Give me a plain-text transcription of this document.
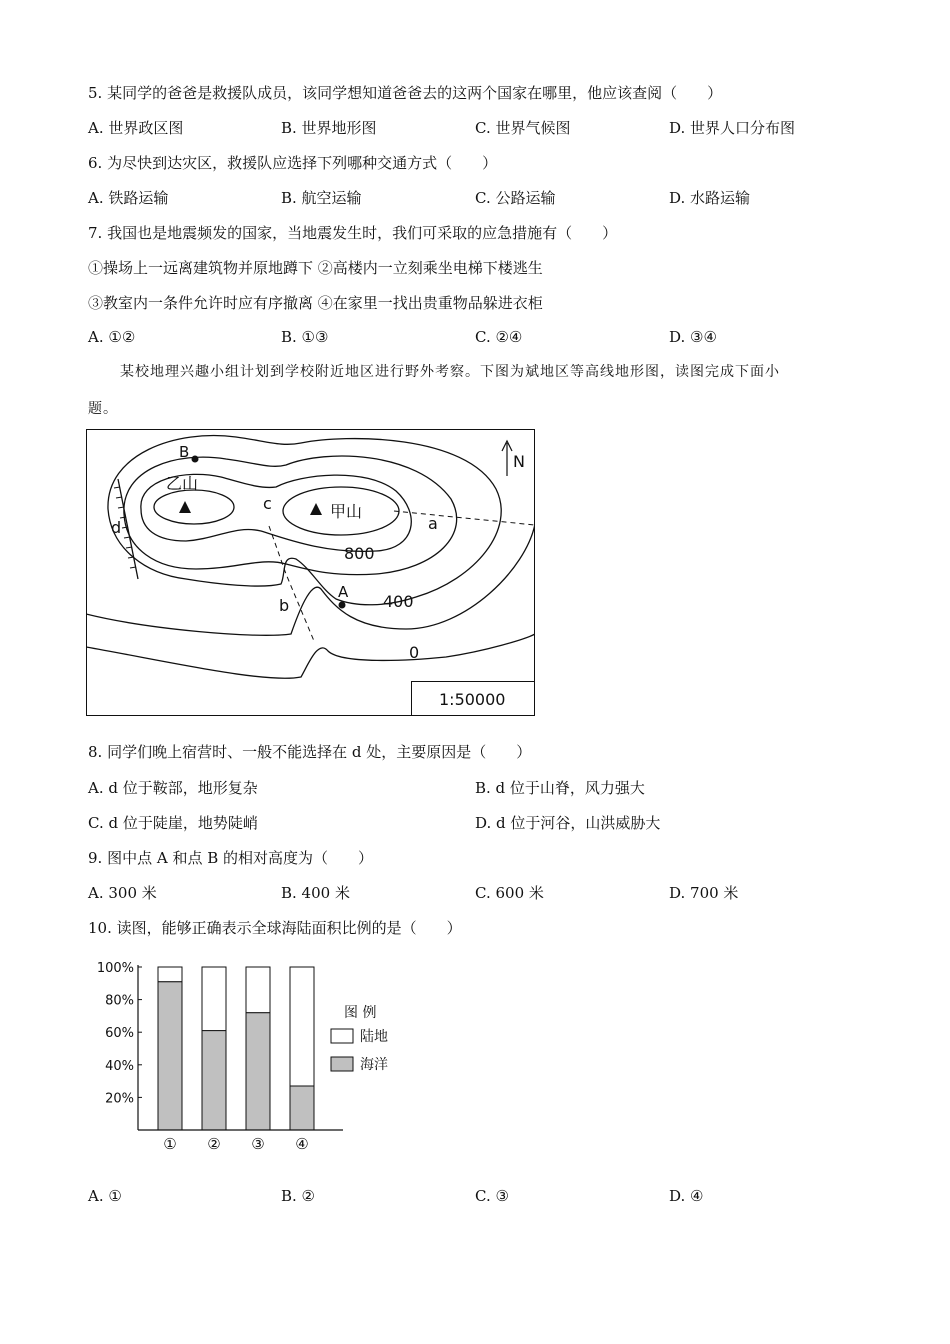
5. 某同学的爸爸是救援队成员，该同学想知道爸爸去的这两个国家在哪里，他应该查阅（　　）
A. 世界政区图	B. 世界地形图	C. 世界气候图	D. 世界人口分布图
6. 为尽快到达灾区，救援队应选择下列哪种交通方式（　　）
A. 铁路运输	B. 航空运输	C. 公路运输	D. 水路运输
7. 我国也是地震频发的国家，当地震发生时，我们可采取的应急措施有（　　）
①操场上一远离建筑物并原地蹲下 ②高楼内一立刻乘坐电梯下楼逃生
③教室内一条件允许时应有序撤离 ④在家里一找出贵重物品躲进衣柜
A. ①②	B. ①③	C. ②④	D. ③④
某校地理兴趣小组计划到学校附近地区进行野外考察。下图为斌地区等高线地形图，读图完成下面小
题。
甲山
乙山
N
B
A
a
b
c
d
800
400
0
1:50000
8. 同学们晚上宿营时、一般不能选择在 d 处，主要原因是（　　）
A. d 位于鞍部，地形复杂	B. d 位于山脊，风力强大
C. d 位于陡崖，地势陡峭	D. d 位于河谷，山洪威胁大
9. 图中点 A 和点 B 的相对高度为（　　）
A. 300 米	B. 400 米	C. 600 米	D. 700 米
10. 读图，能够正确表示全球海陆面积比例的是（　　）
20%
40%
60%
80%
100%
① ② ③ ④
图 例
陆地
海洋
A. ①	B. ②	C. ③	D. ④
